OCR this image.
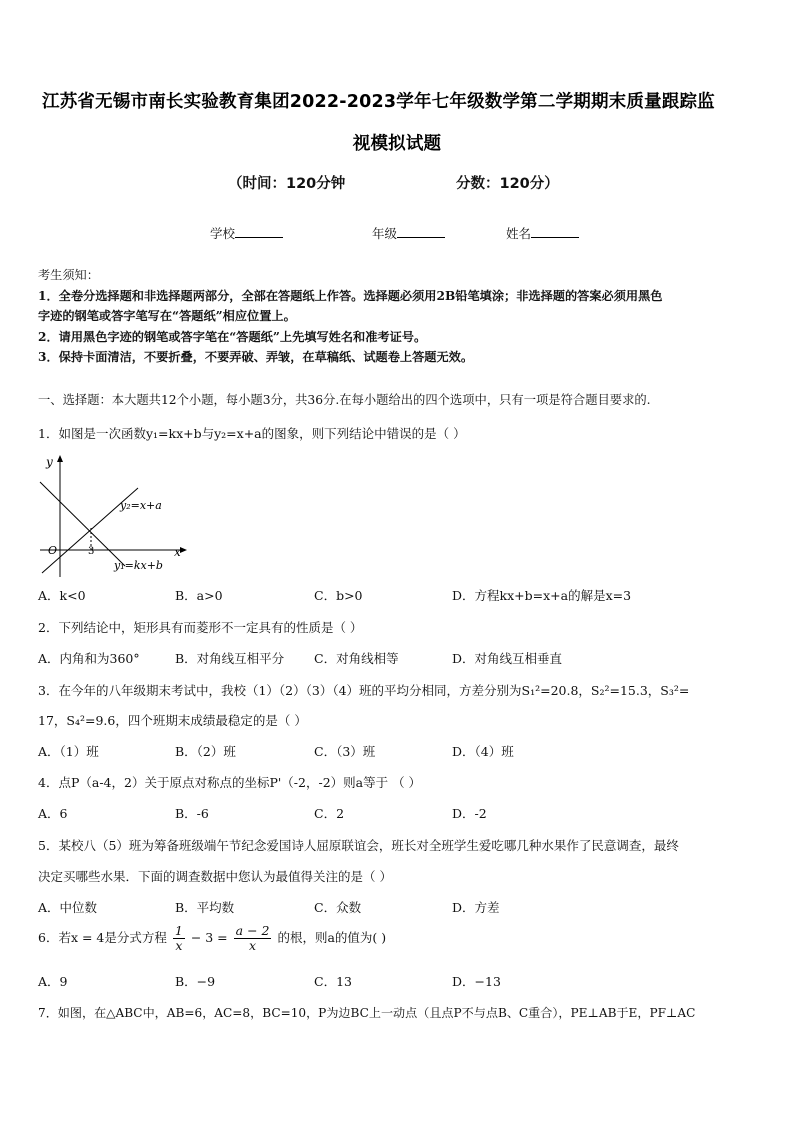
江苏省无锡市南长实验教育集团2022-2023学年七年级数学第二学期期末质量跟踪监
视模拟试题
（时间：120分钟	分数：120分）
学校	年级	姓名
考生须知：
1．全卷分选择题和非选择题两部分，全部在答题纸上作答。选择题必须用2B铅笔填涂；非选择题的答案必须用黑色
字迹的钢笔或答字笔写在“答题纸”相应位置上。
2．请用黑色字迹的钢笔或答字笔在“答题纸”上先填写姓名和准考证号。
3．保持卡面清洁，不要折叠，不要弄破、弄皱，在草稿纸、试题卷上答题无效。
一、选择题：本大题共12个小题，每小题3分，共36分.在每小题给出的四个选项中，只有一项是符合题目要求的.
1．如图是一次函数y₁=kx+b与y₂=x+a的图象，则下列结论中错误的是（ ）
y
x
O	3
y₂=x+a
y₁=kx+b
A．k<0	B．a>0	C．b>0	D．方程kx+b=x+a的解是x=3
2．下列结论中，矩形具有而菱形不一定具有的性质是（ ）
A．内角和为360°	B．对角线互相平分 C．对角线相等	D．对角线互相垂直
3．在今年的八年级期末考试中，我校（1）（2）（3）（4）班的平均分相同，方差分别为S₁²=20.8，S₂²=15.3，S₃²=
17，S₄²=9.6，四个班期末成绩最稳定的是（ ）
A．（1）班	B．（2）班	C．（3）班	D．（4）班
4．点P（a-4，2）关于原点对称点的坐标P'（-2，-2）则a等于 （ ）
A．6	B．-6	C．2	D．-2
5．某校八（5）班为筹备班级端午节纪念爱国诗人屈原联谊会，班长对全班学生爱吃哪几种水果作了民意调查，最终
决定买哪些水果．下面的调查数据中您认为最值得关注的是（ ）
A．中位数	B．平均数	C．众数	D．方差
6．若x = 4是分式方程 $\frac{1}{x} - 3 = \frac{a - 2}{x}$ 的根，则a的值为( )
A．9	B．−9	C．13	D．−13
7．如图，在△ABC中，AB=6，AC=8，BC=10，P为边BC上一动点（且点P不与点B、C重合），PE⊥AB于E，PF⊥AC
